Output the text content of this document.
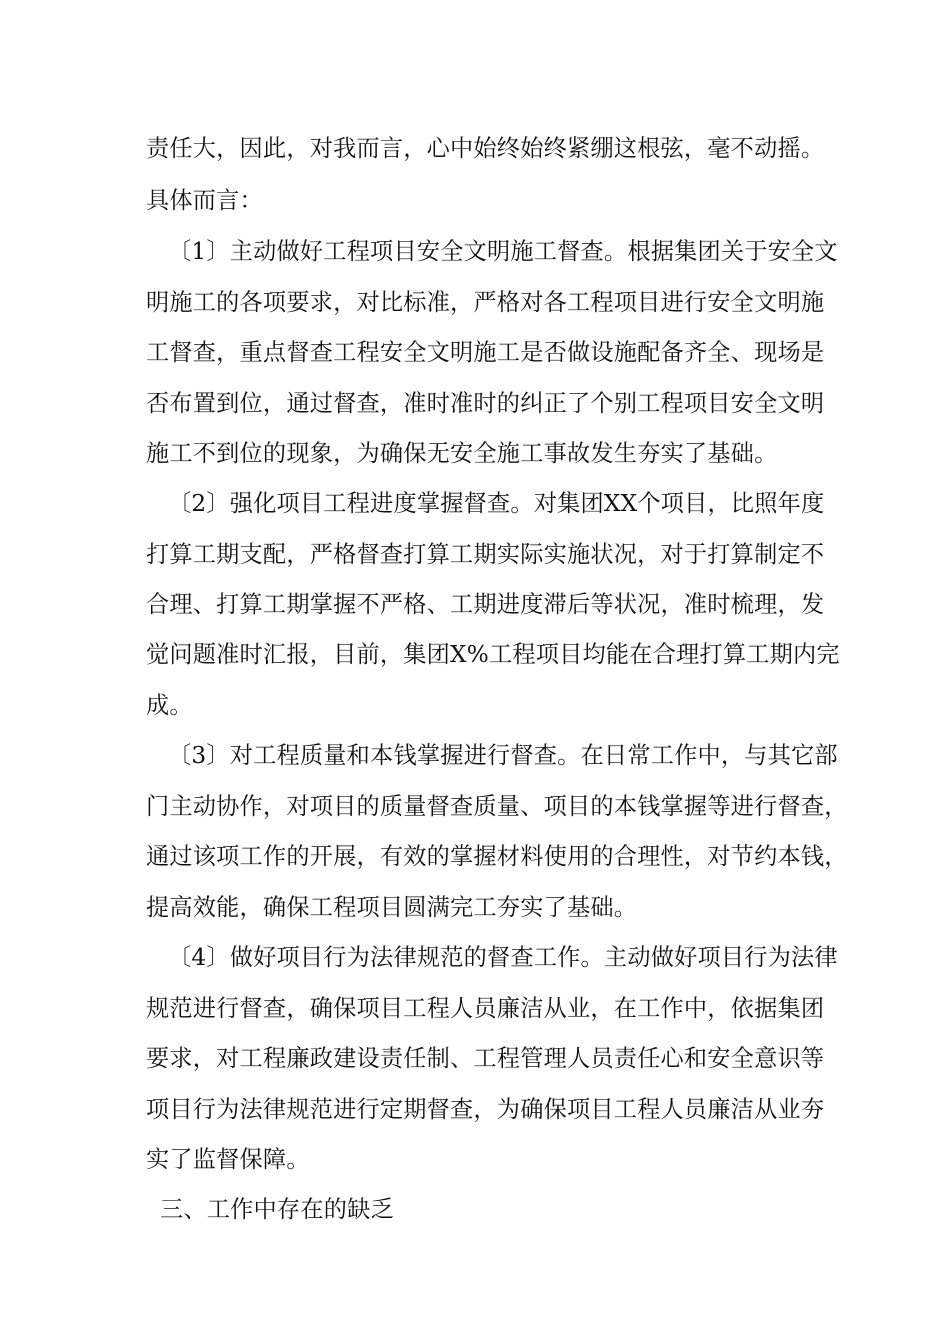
责任大，因此，对我而言，心中始终始终紧绷这根弦，毫不动摇。
具体而言：
〔1〕主动做好工程项目安全文明施工督查。根据集团关于安全文
明施工的各项要求，对比标准，严格对各工程项目进行安全文明施
工督查，重点督查工程安全文明施工是否做设施配备齐全、现场是
否布置到位，通过督查，准时准时的纠正了个别工程项目安全文明
施工不到位的现象，为确保无安全施工事故发生夯实了基础。
〔2〕强化项目工程进度掌握督查。对集团XX个项目，比照年度
打算工期支配，严格督查打算工期实际实施状况，对于打算制定不
合理、打算工期掌握不严格、工期进度滞后等状况，准时梳理，发
觉问题准时汇报，目前，集团X%工程项目均能在合理打算工期内完
成。
〔3〕对工程质量和本钱掌握进行督查。在日常工作中，与其它部
门主动协作，对项目的质量督查质量、项目的本钱掌握等进行督查，
通过该项工作的开展，有效的掌握材料使用的合理性，对节约本钱，
提高效能，确保工程项目圆满完工夯实了基础。
〔4〕做好项目行为法律规范的督查工作。主动做好项目行为法律
规范进行督查，确保项目工程人员廉洁从业，在工作中，依据集团
要求，对工程廉政建设责任制、工程管理人员责任心和安全意识等
项目行为法律规范进行定期督查，为确保项目工程人员廉洁从业夯
实了监督保障。
三、工作中存在的缺乏
